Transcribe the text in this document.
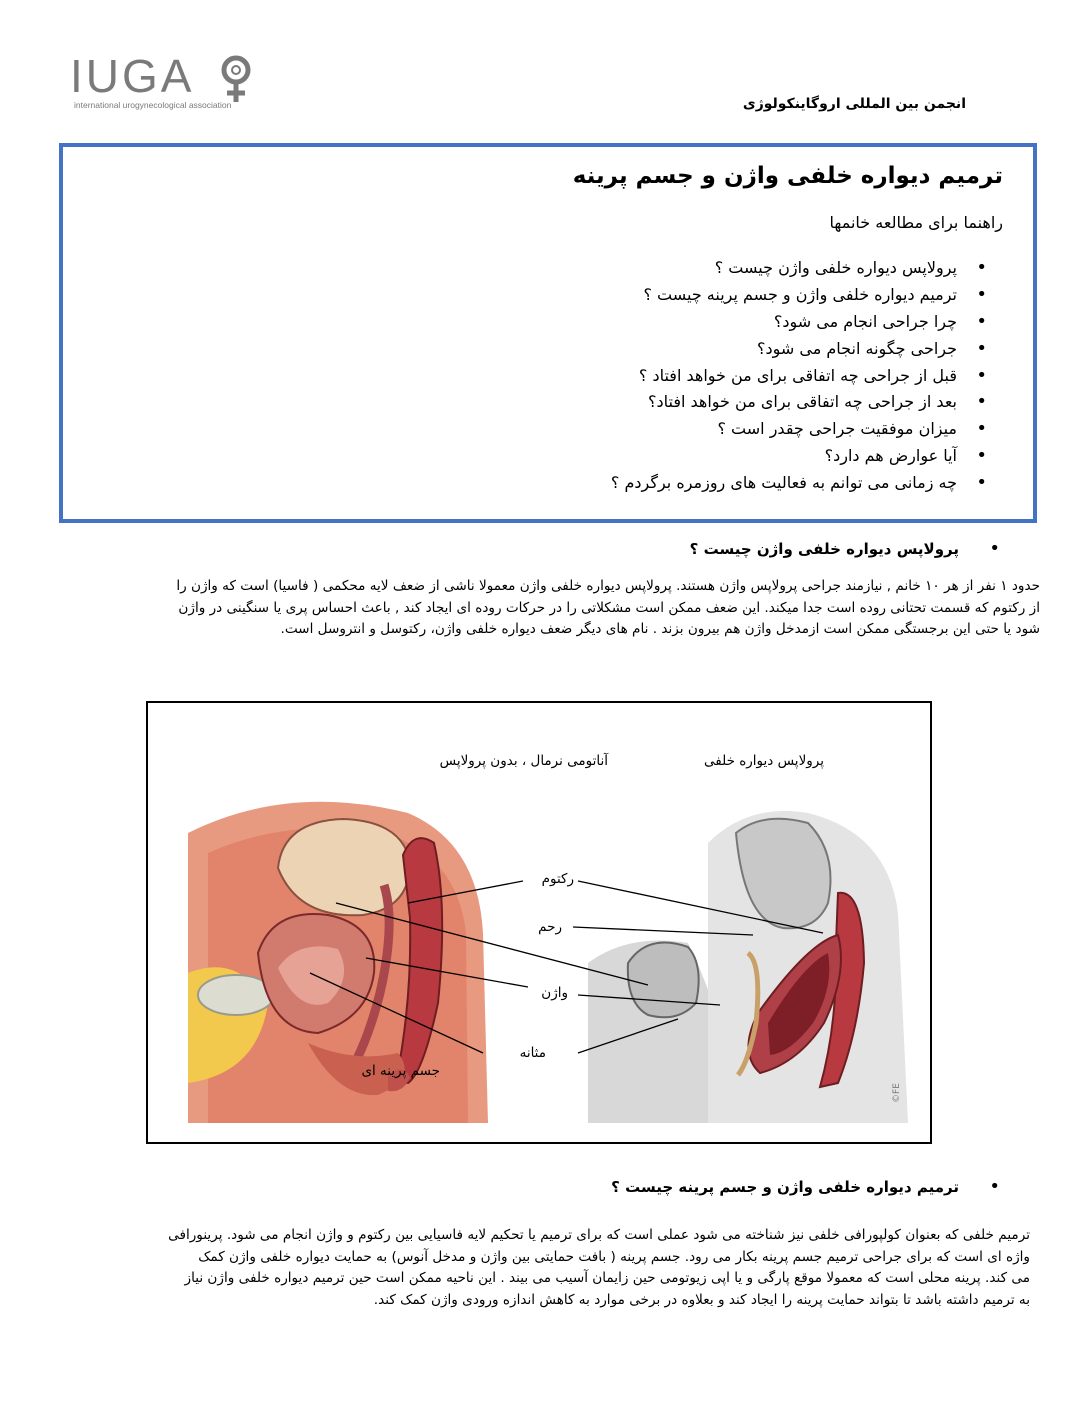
IUGA
international urogynecological association	انجمن بین المللی اروگاینکولوژی
ترمیم دیواره خلفی واژن و جسم پرینه
راهنما برای مطالعه خانمها
• پرولاپس دیواره خلفی واژن چیست ؟
• ترمیم دیواره خلفی واژن و جسم پرینه چیست ؟
• چرا جراحی انجام می شود؟
• جراحی چگونه انجام می شود؟
• قبل از جراحی چه اتفاقی برای من خواهد افتاد ؟
• بعد از جراحی چه اتفاقی برای من خواهد افتاد؟
• میزان موفقیت جراحی چقدر است ؟
• آیا عوارض هم دارد؟
• چه زمانی می توانم به فعالیت های روزمره برگردم ؟
•
پرولاپس دیواره خلفی واژن چیست ؟
حدود ۱ نفر از هر ۱۰ خانم , نیازمند جراحی پرولاپس واژن هستند. پرولاپس دیواره خلفی واژن معمولا ناشی از ضعف لایه محکمی ( فاسیا) است که واژن را
از رکتوم که قسمت تحتانی روده است جدا میکند. این ضعف ممکن است مشکلاتی را در حرکات روده ای ایجاد کند , باعث احساس پری یا سنگینی در واژن
شود یا حتی این برجستگی ممکن است ازمدخل واژن هم بیرون بزند . نام های دیگر ضعف دیواره خلفی واژن، رکتوسل و انتروسل است.
آناتومی نرمال ، بدون پرولاپس	پرولاپس دیواره خلفی
رکتوم
رحم
واژن
مثانه
جسم پرینه ای
©FE
•
ترمیم دیواره خلفی واژن و جسم پرینه چیست ؟
ترمیم خلفی که بعنوان کولپورافی خلفی نیز شناخته می شود عملی است که برای ترمیم یا تحکیم لایه فاسیایی بین رکتوم و واژن انجام می شود. پرینورافی
واژه ای است که برای جراحی ترمیم جسم پرینه بکار می رود. جسم پرینه ( بافت حمایتی بین واژن و مدخل آنوس) به حمایت دیواره خلفی واژن کمک
می کند. پرینه محلی است که معمولا موقع پارگی و یا اپی زیوتومی حین زایمان آسیب می بیند . این ناحیه ممکن است حین ترمیم دیواره خلفی واژن نیاز
به ترمیم داشته باشد تا بتواند حمایت پرینه را ایجاد کند و بعلاوه در برخی موارد به کاهش اندازه ورودی واژن کمک کند.
